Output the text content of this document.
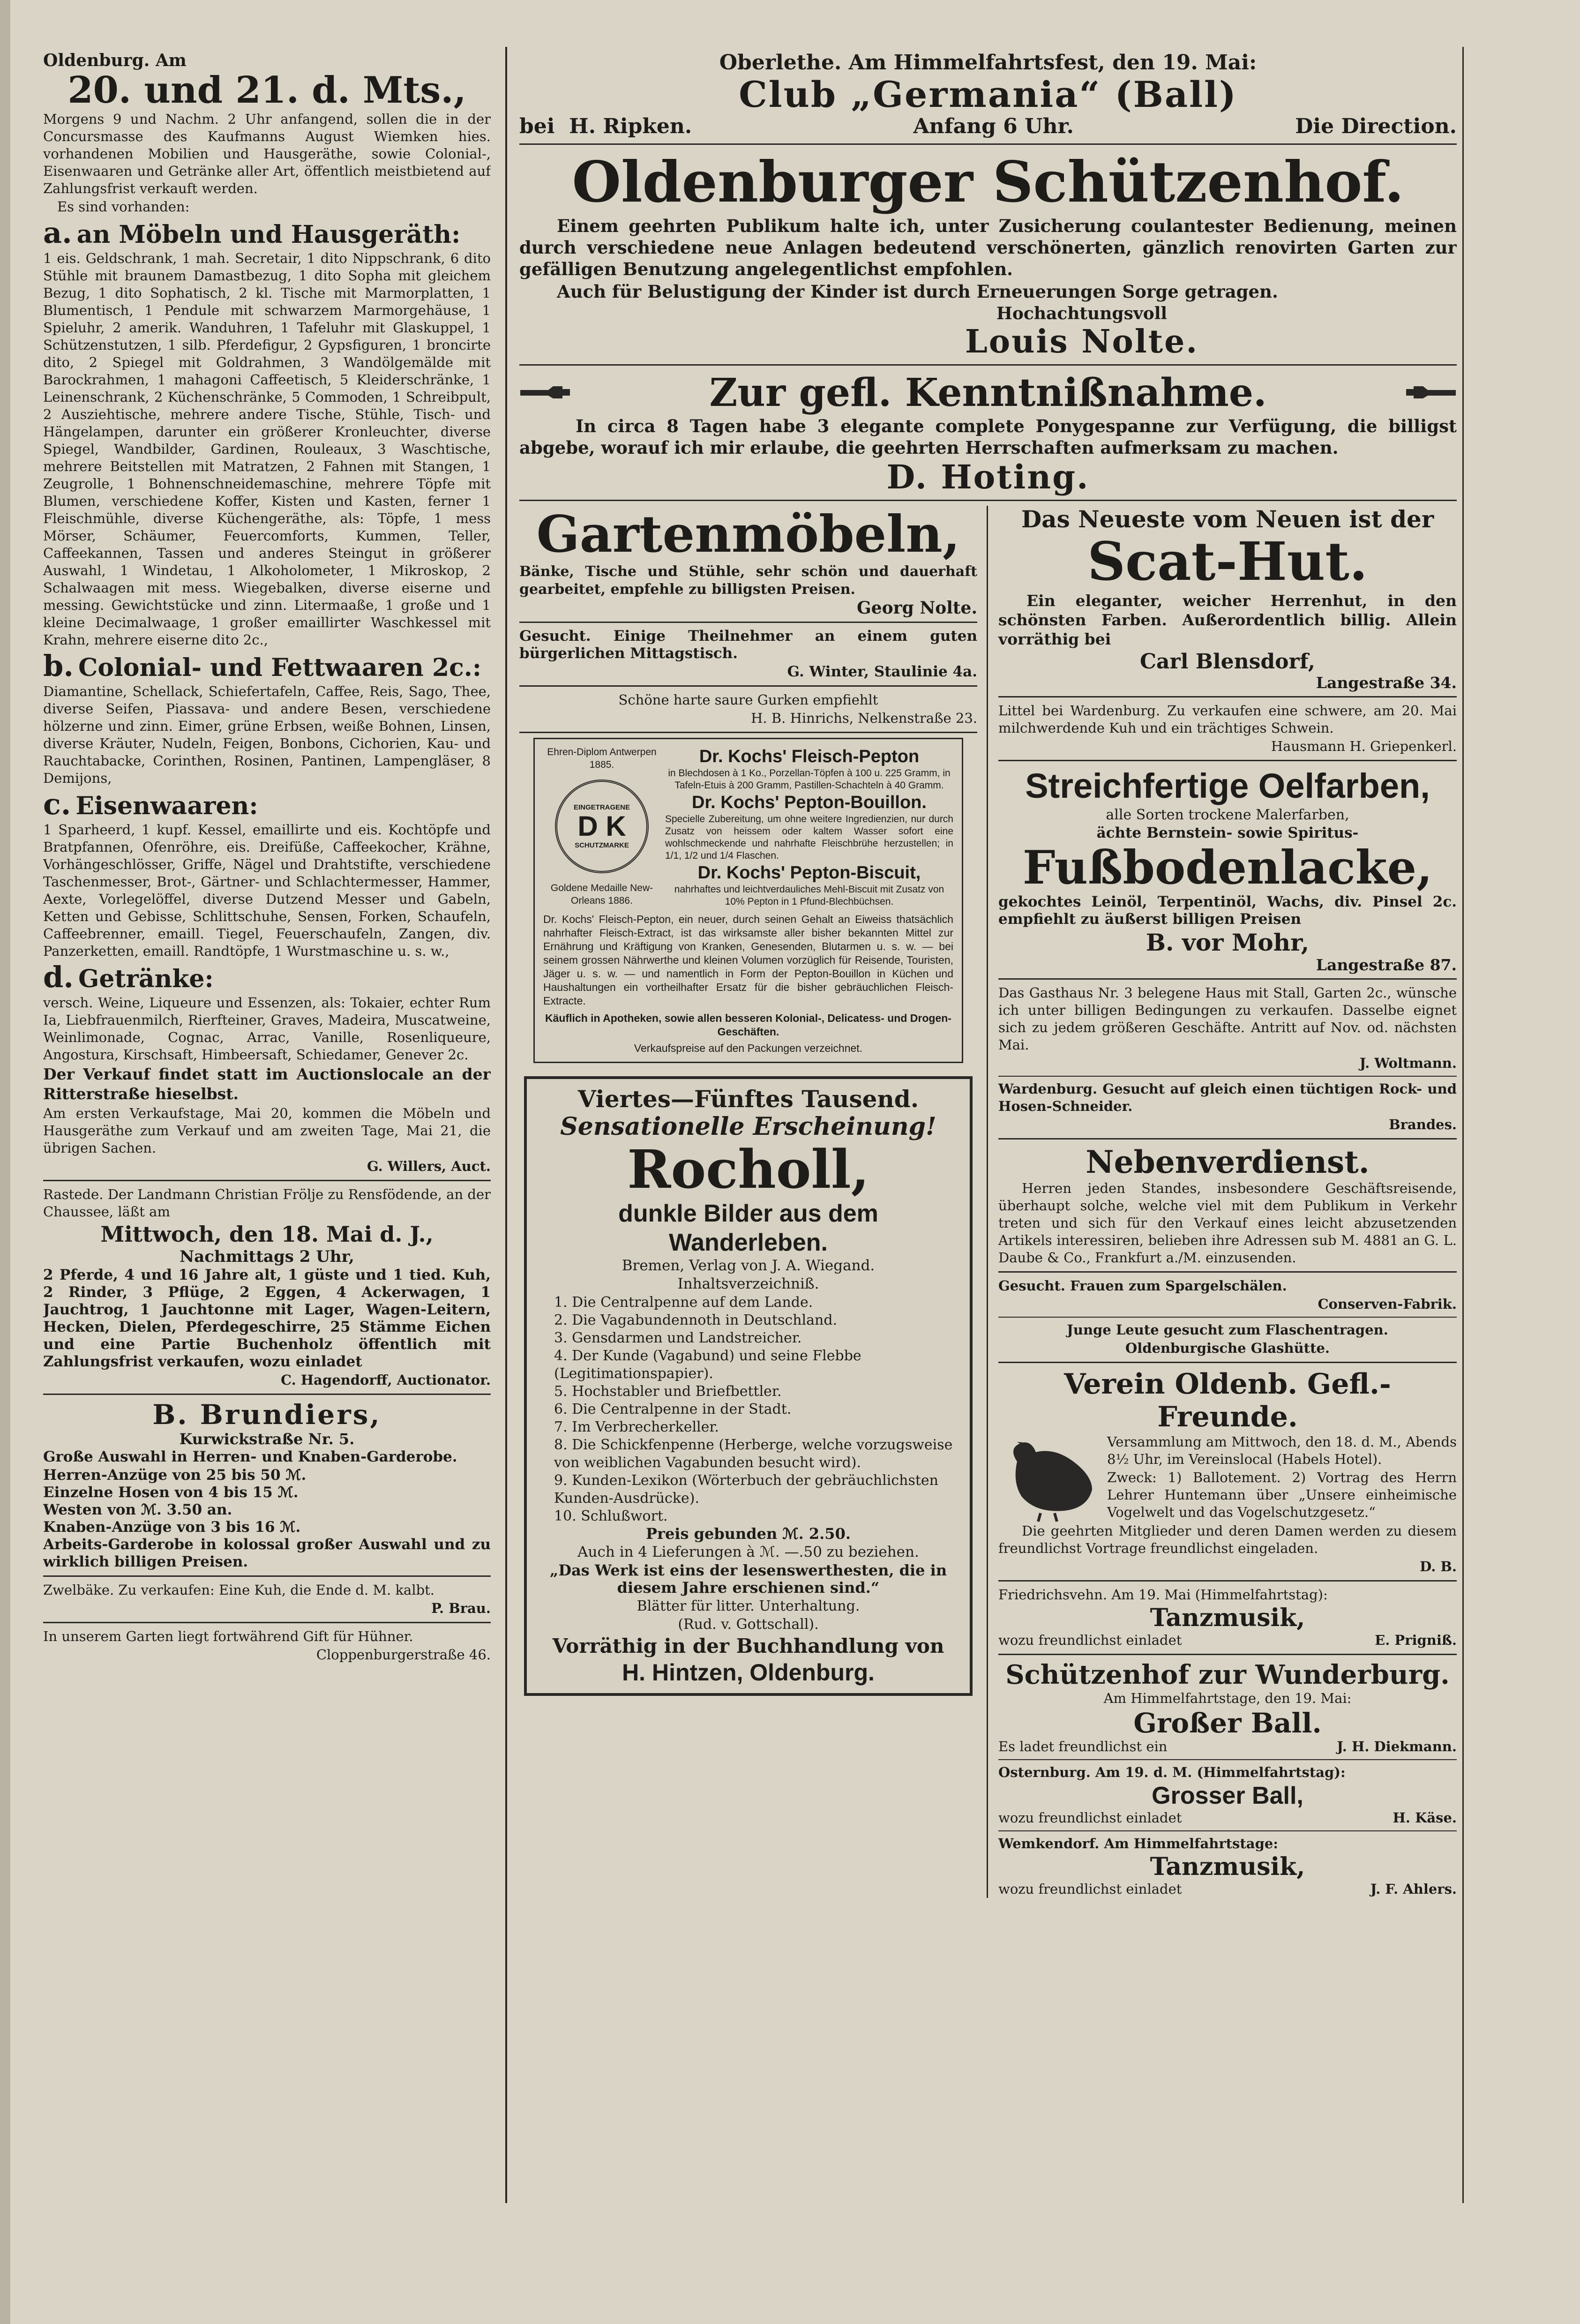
Oldenburg. Am
20. und 21. d. Mts.,

Morgens 9 und Nachm. 2 Uhr anfangend, sollen die in der Concursmasse des Kaufmanns August Wiemken hies. vorhandenen Mobilien und Hausgeräthe, sowie Colonial-, Eisenwaaren und Getränke aller Art, öffentlich meistbietend auf Zahlungsfrist verkauft werden.

Es sind vorhanden:

a. an Möbeln und Hausgeräth:

1 eis. Geldschrank, 1 mah. Secretair, 1 dito Nippschrank, 6 dito Stühle mit braunem Damastbezug, 1 dito Sopha mit gleichem Bezug, 1 dito Sophatisch, 2 kl. Tische mit Marmorplatten, 1 Blumentisch, 1 Pendule mit schwarzem Marmorgehäuse, 1 Spieluhr, 2 amerik. Wanduhren, 1 Tafeluhr mit Glaskuppel, 1 Schützenstutzen, 1 silb. Pferdefigur, 2 Gypsfiguren, 1 broncirte dito, 2 Spiegel mit Goldrahmen, 3 Wandölgemälde mit Barockrahmen, 1 mahagoni Caffeetisch, 5 Kleiderschränke, 1 Leinenschrank, 2 Küchenschränke, 5 Commoden, 1 Schreibpult, 2 Ausziehtische, mehrere andere Tische, Stühle, Tisch- und Hängelampen, darunter ein größerer Kronleuchter, diverse Spiegel, Wandbilder, Gardinen, Rouleaux, 3 Waschtische, mehrere Beitstellen mit Matratzen, 2 Fahnen mit Stangen, 1 Zeugrolle, 1 Bohnenschneidemaschine, mehrere Töpfe mit Blumen, verschiedene Koffer, Kisten und Kasten, ferner 1 Fleischmühle, diverse Küchengeräthe, als: Töpfe, 1 mess Mörser, Schäumer, Feuercomforts, Kummen, Teller, Caffeekannen, Tassen und anderes Steingut in größerer Auswahl, 1 Windetau, 1 Alkoholometer, 1 Mikroskop, 2 Schalwaagen mit mess. Wiegebalken, diverse eiserne und messing. Gewichtstücke und zinn. Litermaaße, 1 große und 1 kleine Decimalwaage, 1 großer emaillirter Waschkessel mit Krahn, mehrere eiserne dito 2c.,

b. Colonial- und Fettwaaren 2c.:

Diamantine, Schellack, Schiefertafeln, Caffee, Reis, Sago, Thee, diverse Seifen, Piassava- und andere Besen, verschiedene hölzerne und zinn. Eimer, grüne Erbsen, weiße Bohnen, Linsen, diverse Kräuter, Nudeln, Feigen, Bonbons, Cichorien, Kau- und Rauchtabacke, Corinthen, Rosinen, Pantinen, Lampengläser, 8 Demijons,

c. Eisenwaaren:

1 Sparheerd, 1 kupf. Kessel, emaillirte und eis. Kochtöpfe und Bratpfannen, Ofenröhre, eis. Dreifüße, Caffeekocher, Krähne, Vorhängeschlösser, Griffe, Nägel und Drahtstifte, verschiedene Taschenmesser, Brot-, Gärtner- und Schlachtermesser, Hammer, Aexte, Vorlegelöffel, diverse Dutzend Messer und Gabeln, Ketten und Gebisse, Schlittschuhe, Sensen, Forken, Schaufeln, Caffeebrenner, emaill. Tiegel, Feuerschaufeln, Zangen, div. Panzerketten, emaill. Randtöpfe, 1 Wurstmaschine u. s. w.,

d. Getränke:

versch. Weine, Liqueure und Essenzen, als: Tokaier, echter Rum Ia, Liebfrauenmilch, Rierfteiner, Graves, Madeira, Muscatweine, Weinlimonade, Cognac, Arrac, Vanille, Rosenliqueure, Angostura, Kirschsaft, Himbeersaft, Schiedamer, Genever 2c.

Der Verkauf findet statt im Auctionslocale an der Ritterstraße hieselbst.

Am ersten Verkaufstage, Mai 20, kommen die Möbeln und Hausgeräthe zum Verkauf und am zweiten Tage, Mai 21, die übrigen Sachen.

G. Willers, Auct.

Rastede. Der Landmann Christian Frölje zu Rensfödende, an der Chaussee, läßt am

Mittwoch, den 18. Mai d. J.,
Nachmittags 2 Uhr,

2 Pferde, 4 und 16 Jahre alt, 1 güste und 1 tied. Kuh, 2 Rinder, 3 Pflüge, 2 Eggen, 4 Ackerwagen, 1 Jauchtrog, 1 Jauchtonne mit Lager, Wagen-Leitern, Hecken, Dielen, Pferdegeschirre, 25 Stämme Eichen und eine Partie Buchenholz öffentlich mit Zahlungsfrist verkaufen, wozu einladet

C. Hagendorff, Auctionator.

B. Brundiers,
Kurwickstraße Nr. 5.

Große Auswahl in Herren- und Knaben-Garderobe.

Herren-Anzüge von 25 bis 50 ℳ.

Einzelne Hosen von 4 bis 15 ℳ.

Westen von ℳ. 3.50 an.

Knaben-Anzüge von 3 bis 16 ℳ.

Arbeits-Garderobe in kolossal großer Auswahl und zu wirklich billigen Preisen.

Zwelbäke. Zu verkaufen: Eine Kuh, die Ende d. M. kalbt.

P. Brau.

In unserem Garten liegt fortwährend Gift für Hühner.

Cloppenburgerstraße 46.

Oberlethe. Am Himmelfahrtsfest, den 19. Mai:
Club „Germania“ (Ball)
bei H. Ripken.	Anfang 6 Uhr.	Die Direction.
Oldenburger Schützenhof.

Einem geehrten Publikum halte ich, unter Zusicherung coulantester Bedienung, meinen durch verschiedene neue Anlagen bedeutend verschönerten, gänzlich renovirten Garten zur gefälligen Benutzung angelegentlichst empfohlen.

Auch für Belustigung der Kinder ist durch Erneuerungen Sorge getragen.

Hochachtungsvoll
Louis Nolte.
Zur gefl. Kenntnißnahme.

In circa 8 Tagen habe 3 elegante complete Ponygespanne zur Verfügung, die billigst abgebe, worauf ich mir erlaube, die geehrten Herrschaften aufmerksam zu machen.

D. Hoting.
Gartenmöbeln,

Bänke, Tische und Stühle, sehr schön und dauerhaft gearbeitet, empfehle zu billigsten Preisen.

Georg Nolte.

Gesucht. Einige Theilnehmer an einem guten bürgerlichen Mittagstisch.

G. Winter, Staulinie 4a.

Schöne harte saure Gurken empfiehlt

H. B. Hinrichs, Nelkenstraße 23.

Ehren-Diplom Antwerpen 1885.
EINGETRAGENE
D K
SCHUTZMARKE
Goldene Medaille New-Orleans 1886.
Dr. Kochs' Fleisch-Pepton
in Blechdosen à 1 Ko., Porzellan-Töpfen à 100 u. 225 Gramm, in Tafeln-Etuis à 200 Gramm, Pastillen-Schachteln à 40 Gramm.
Dr. Kochs' Pepton-Bouillon.
Specielle Zubereitung, um ohne weitere Ingredienzien, nur durch Zusatz von heissem oder kaltem Wasser sofort eine wohlschmeckende und nahrhafte Fleischbrühe herzustellen; in 1/1, 1/2 und 1/4 Flaschen.
Dr. Kochs' Pepton-Biscuit,
nahrhaftes und leichtverdauliches Mehl-Biscuit mit Zusatz von 10% Pepton in 1 Pfund-Blechbüchsen.
Dr. Kochs' Fleisch-Pepton, ein neuer, durch seinen Gehalt an Eiweiss thatsächlich nahrhafter Fleisch-Extract, ist das wirksamste aller bisher bekannten Mittel zur Ernährung und Kräftigung von Kranken, Genesenden, Blutarmen u. s. w. — bei seinem grossen Nährwerthe und kleinen Volumen vorzüglich für Reisende, Touristen, Jäger u. s. w. — und namentlich in Form der Pepton-Bouillon in Küchen und Haushaltungen ein vortheilhafter Ersatz für die bisher gebräuchlichen Fleisch-Extracte.
Käuflich in Apotheken, sowie allen besseren Kolonial-, Delicatess- und Drogen-Geschäften.
Verkaufspreise auf den Packungen verzeichnet.
Viertes—Fünftes Tausend.
Sensationelle Erscheinung!
Rocholl,
dunkle Bilder aus dem
Wanderleben.

Bremen, Verlag von J. A. Wiegand.

Inhaltsverzeichniß.

1. Die Centralpenne auf dem Lande.
2. Die Vagabundennoth in Deutschland.
3. Gensdarmen und Landstreicher.
4. Der Kunde (Vagabund) und seine Flebbe (Legitimationspapier).
5. Hochstabler und Briefbettler.
6. Die Centralpenne in der Stadt.
7. Im Verbrecherkeller.
8. Die Schickfenpenne (Herberge, welche vorzugsweise von weiblichen Vagabunden besucht wird).
9. Kunden-Lexikon (Wörterbuch der gebräuchlichsten Kunden-Ausdrücke).
10. Schlußwort.

Preis gebunden ℳ. 2.50.

Auch in 4 Lieferungen à ℳ. —.50 zu beziehen.

„Das Werk ist eins der lesenswerthesten, die in diesem Jahre erschienen sind.“

Blätter für litter. Unterhaltung.

(Rud. v. Gottschall).

Vorräthig in der Buchhandlung von
H. Hintzen, Oldenburg.
Das Neueste vom Neuen ist der
Scat-Hut.

Ein eleganter, weicher Herrenhut, in den schönsten Farben. Außerordentlich billig. Allein vorräthig bei

Carl Blensdorf,

Langestraße 34.

Littel bei Wardenburg. Zu verkaufen eine schwere, am 20. Mai milchwerdende Kuh und ein trächtiges Schwein.

Hausmann H. Griepenkerl.

Streichfertige Oelfarben,

alle Sorten trockene Malerfarben,

ächte Bernstein- sowie Spiritus-

Fußbodenlacke,

gekochtes Leinöl, Terpentinöl, Wachs, div. Pinsel 2c. empfiehlt zu äußerst billigen Preisen

B. vor Mohr,

Langestraße 87.

Das Gasthaus Nr. 3 belegene Haus mit Stall, Garten 2c., wünsche ich unter billigen Bedingungen zu verkaufen. Dasselbe eignet sich zu jedem größeren Geschäfte. Antritt auf Nov. od. nächsten Mai.

J. Woltmann.

Wardenburg. Gesucht auf gleich einen tüchtigen Rock- und Hosen-Schneider.

Brandes.

Nebenverdienst.

Herren jeden Standes, insbesondere Geschäftsreisende, überhaupt solche, welche viel mit dem Publikum in Verkehr treten und sich für den Verkauf eines leicht abzusetzenden Artikels interessiren, belieben ihre Adressen sub M. 4881 an G. L. Daube & Co., Frankfurt a./M. einzusenden.

Gesucht. Frauen zum Spargelschälen.

Conserven-Fabrik.

Junge Leute gesucht zum Flaschentragen.

Oldenburgische Glashütte.

Verein Oldenb. Gefl.-Freunde.

Versammlung am Mittwoch, den 18. d. M., Abends 8½ Uhr, im Vereinslocal (Habels Hotel).

Zweck: 1) Ballotement. 2) Vortrag des Herrn Lehrer Huntemann über „Unsere einheimische Vogelwelt und das Vogelschutzgesetz.“

Die geehrten Mitglieder und deren Damen werden zu diesem freundlichst Vortrage freundlichst eingeladen.

D. B.

Friedrichsvehn. Am 19. Mai (Himmelfahrtstag):

Tanzmusik,
wozu freundlichst einladet	E. Prigniß.
Schützenhof zur Wunderburg.

Am Himmelfahrtstage, den 19. Mai:

Großer Ball.
Es ladet freundlichst ein	J. H. Diekmann.

Osternburg. Am 19. d. M. (Himmelfahrtstag):

Grosser Ball,
wozu freundlichst einladet	H. Käse.

Wemkendorf. Am Himmelfahrtstage:

Tanzmusik,
wozu freundlichst einladet	J. F. Ahlers.
